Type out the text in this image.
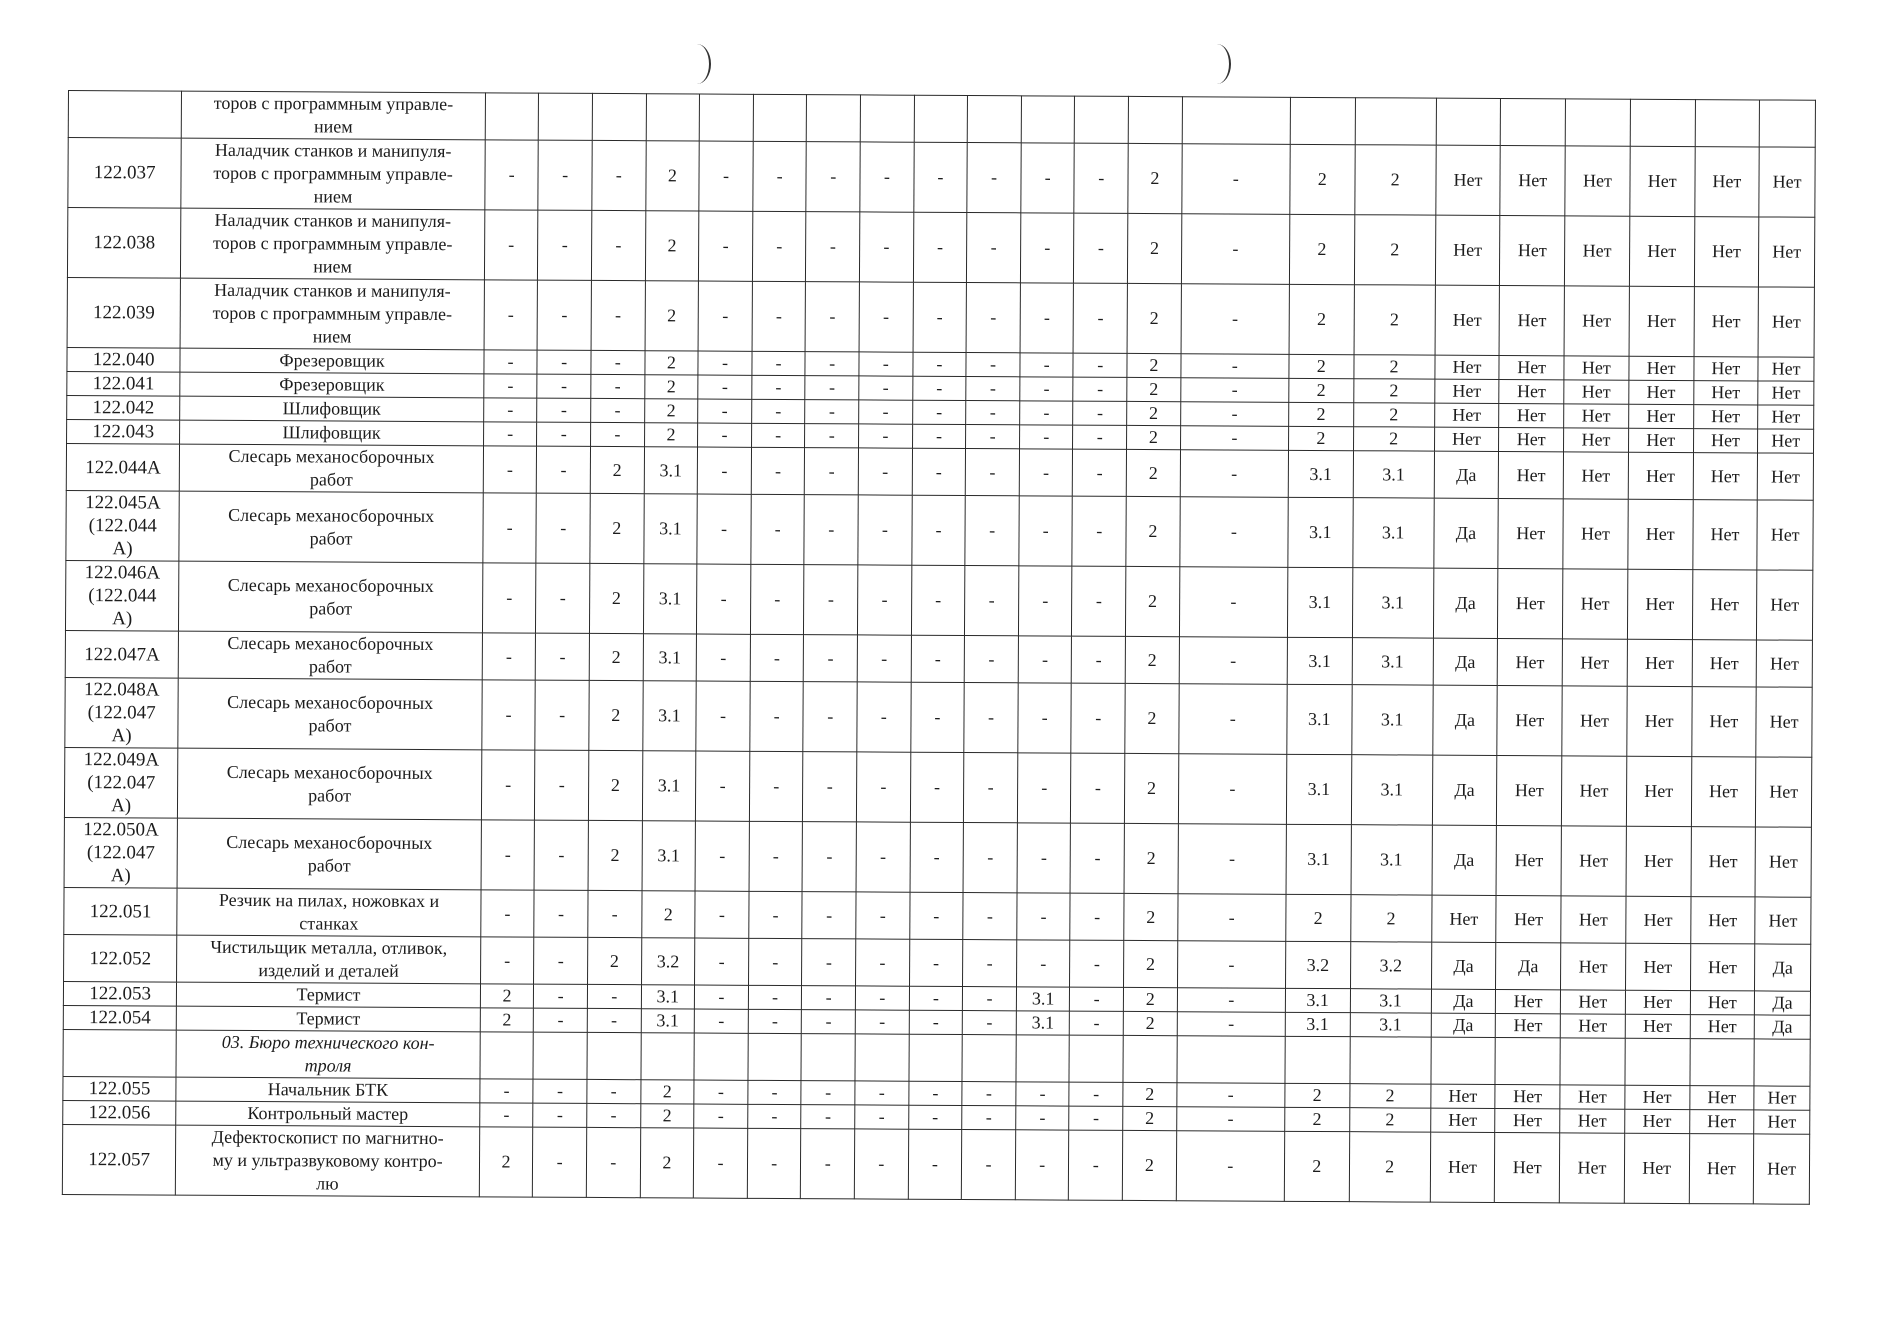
	торов с программным управле-
нием																						
122.037	Наладчик станков и манипуля-
торов с программным управле-
нием	-	-	-	2	-	-	-	-	-	-	-	-	2	-	2	2	Нет	Нет	Нет	Нет	Нет	Нет
122.038	Наладчик станков и манипуля-
торов с программным управле-
нием	-	-	-	2	-	-	-	-	-	-	-	-	2	-	2	2	Нет	Нет	Нет	Нет	Нет	Нет
122.039	Наладчик станков и манипуля-
торов с программным управле-
нием	-	-	-	2	-	-	-	-	-	-	-	-	2	-	2	2	Нет	Нет	Нет	Нет	Нет	Нет
122.040	Фрезеровщик	-	-	-	2	-	-	-	-	-	-	-	-	2	-	2	2	Нет	Нет	Нет	Нет	Нет	Нет
122.041	Фрезеровщик	-	-	-	2	-	-	-	-	-	-	-	-	2	-	2	2	Нет	Нет	Нет	Нет	Нет	Нет
122.042	Шлифовщик	-	-	-	2	-	-	-	-	-	-	-	-	2	-	2	2	Нет	Нет	Нет	Нет	Нет	Нет
122.043	Шлифовщик	-	-	-	2	-	-	-	-	-	-	-	-	2	-	2	2	Нет	Нет	Нет	Нет	Нет	Нет
122.044А	Слесарь механосборочных
работ	-	-	2	3.1	-	-	-	-	-	-	-	-	2	-	3.1	3.1	Да	Нет	Нет	Нет	Нет	Нет
122.045А
(122.044
А)	Слесарь механосборочных
работ	-	-	2	3.1	-	-	-	-	-	-	-	-	2	-	3.1	3.1	Да	Нет	Нет	Нет	Нет	Нет
122.046А
(122.044
А)	Слесарь механосборочных
работ	-	-	2	3.1	-	-	-	-	-	-	-	-	2	-	3.1	3.1	Да	Нет	Нет	Нет	Нет	Нет
122.047А	Слесарь механосборочных
работ	-	-	2	3.1	-	-	-	-	-	-	-	-	2	-	3.1	3.1	Да	Нет	Нет	Нет	Нет	Нет
122.048А
(122.047
А)	Слесарь механосборочных
работ	-	-	2	3.1	-	-	-	-	-	-	-	-	2	-	3.1	3.1	Да	Нет	Нет	Нет	Нет	Нет
122.049А
(122.047
А)	Слесарь механосборочных
работ	-	-	2	3.1	-	-	-	-	-	-	-	-	2	-	3.1	3.1	Да	Нет	Нет	Нет	Нет	Нет
122.050А
(122.047
А)	Слесарь механосборочных
работ	-	-	2	3.1	-	-	-	-	-	-	-	-	2	-	3.1	3.1	Да	Нет	Нет	Нет	Нет	Нет
122.051	Резчик на пилах, ножовках и
станках	-	-	-	2	-	-	-	-	-	-	-	-	2	-	2	2	Нет	Нет	Нет	Нет	Нет	Нет
122.052	Чистильщик металла, отливок,
изделий и деталей	-	-	2	3.2	-	-	-	-	-	-	-	-	2	-	3.2	3.2	Да	Да	Нет	Нет	Нет	Да
122.053	Термист	2	-	-	3.1	-	-	-	-	-	-	3.1	-	2	-	3.1	3.1	Да	Нет	Нет	Нет	Нет	Да
122.054	Термист	2	-	-	3.1	-	-	-	-	-	-	3.1	-	2	-	3.1	3.1	Да	Нет	Нет	Нет	Нет	Да
	03. Бюро технического кон-
троля																						
122.055	Начальник БТК	-	-	-	2	-	-	-	-	-	-	-	-	2	-	2	2	Нет	Нет	Нет	Нет	Нет	Нет
122.056	Контрольный мастер	-	-	-	2	-	-	-	-	-	-	-	-	2	-	2	2	Нет	Нет	Нет	Нет	Нет	Нет
122.057	Дефектоскопист по магнитно-
му и ультразвуковому контро-
лю	2	-	-	2	-	-	-	-	-	-	-	-	2	-	2	2	Нет	Нет	Нет	Нет	Нет	Нет
